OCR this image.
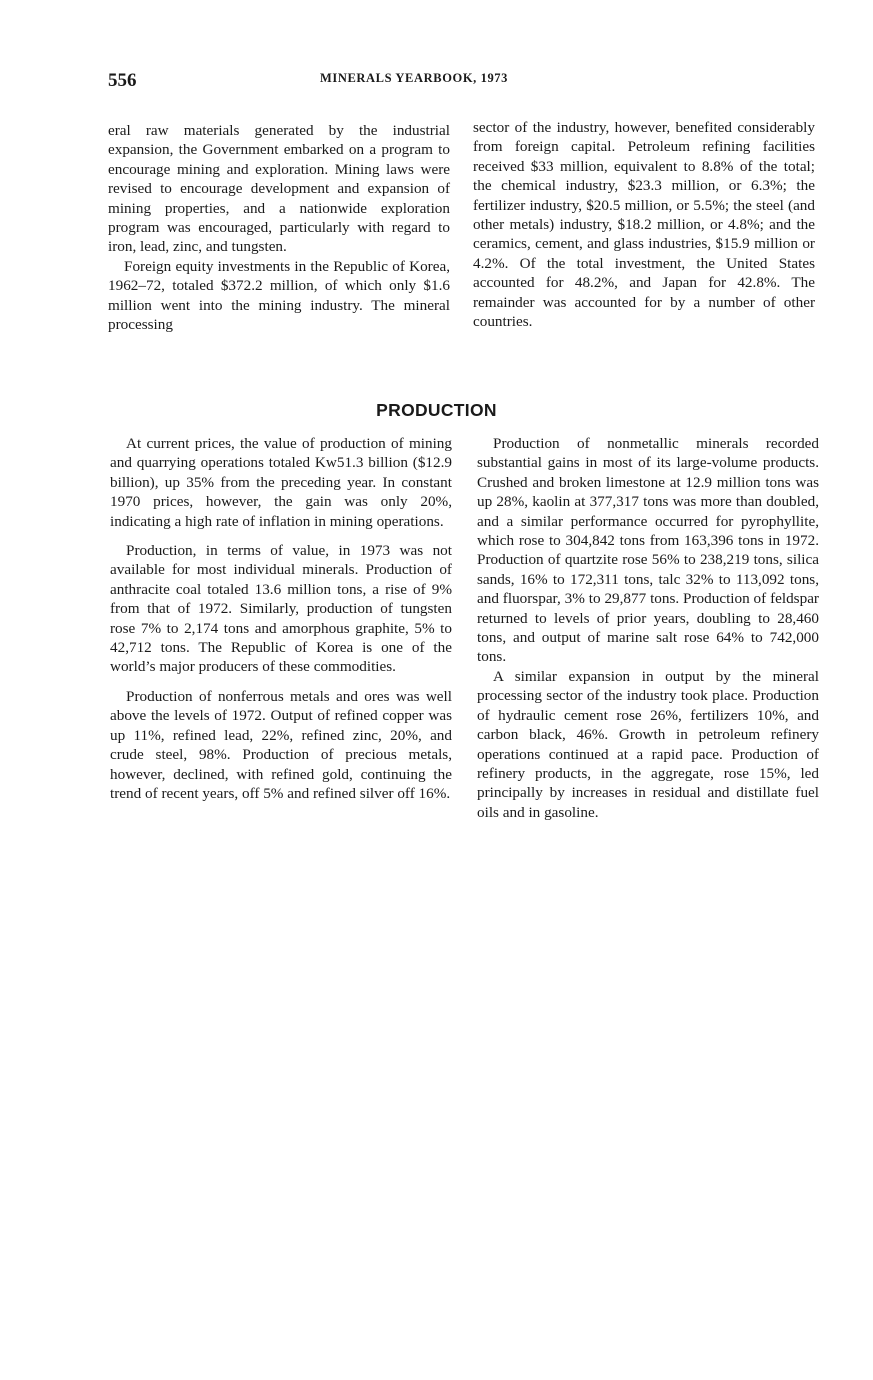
556	MINERALS YEARBOOK, 1973

eral raw materials generated by the industrial expansion, the Government embarked on a program to encourage mining and exploration. Mining laws were revised to encourage development and expansion of mining properties, and a nationwide exploration program was encouraged, particularly with regard to iron, lead, zinc, and tungsten.

Foreign equity investments in the Republic of Korea, 1962–72, totaled $372.2 million, of which only $1.6 million went into the mining industry. The mineral processing

sector of the industry, however, benefited considerably from foreign capital. Petroleum refining facilities received $33 million, equivalent to 8.8% of the total; the chemical industry, $23.3 million, or 6.3%; the fertilizer industry, $20.5 million, or 5.5%; the steel (and other metals) industry, $18.2 million, or 4.8%; and the ceramics, cement, and glass industries, $15.9 million or 4.2%. Of the total investment, the United States accounted for 48.2%, and Japan for 42.8%. The remainder was accounted for by a number of other countries.

PRODUCTION

At current prices, the value of production of mining and quarrying operations totaled Kw51.3 billion ($12.9 billion), up 35% from the preceding year. In constant 1970 prices, however, the gain was only 20%, indicating a high rate of inflation in mining operations.

Production, in terms of value, in 1973 was not available for most individual minerals. Production of anthracite coal totaled 13.6 million tons, a rise of 9% from that of 1972. Similarly, production of tungsten rose 7% to 2,174 tons and amorphous graphite, 5% to 42,712 tons. The Republic of Korea is one of the world’s major producers of these commodities.

Production of nonferrous metals and ores was well above the levels of 1972. Output of refined copper was up 11%, refined lead, 22%, refined zinc, 20%, and crude steel, 98%. Production of precious metals, however, declined, with refined gold, continuing the trend of recent years, off 5% and refined silver off 16%.

Production of nonmetallic minerals recorded substantial gains in most of its large-volume products. Crushed and broken limestone at 12.9 million tons was up 28%, kaolin at 377,317 tons was more than doubled, and a similar performance occurred for pyrophyllite, which rose to 304,842 tons from 163,396 tons in 1972. Production of quartzite rose 56% to 238,219 tons, silica sands, 16% to 172,311 tons, talc 32% to 113,092 tons, and fluorspar, 3% to 29,877 tons. Production of feldspar returned to levels of prior years, doubling to 28,460 tons, and output of marine salt rose 64% to 742,000 tons.

A similar expansion in output by the mineral processing sector of the industry took place. Production of hydraulic cement rose 26%, fertilizers 10%, and carbon black, 46%. Growth in petroleum refinery operations continued at a rapid pace. Production of refinery products, in the aggregate, rose 15%, led principally by increases in residual and distillate fuel oils and in gasoline.
